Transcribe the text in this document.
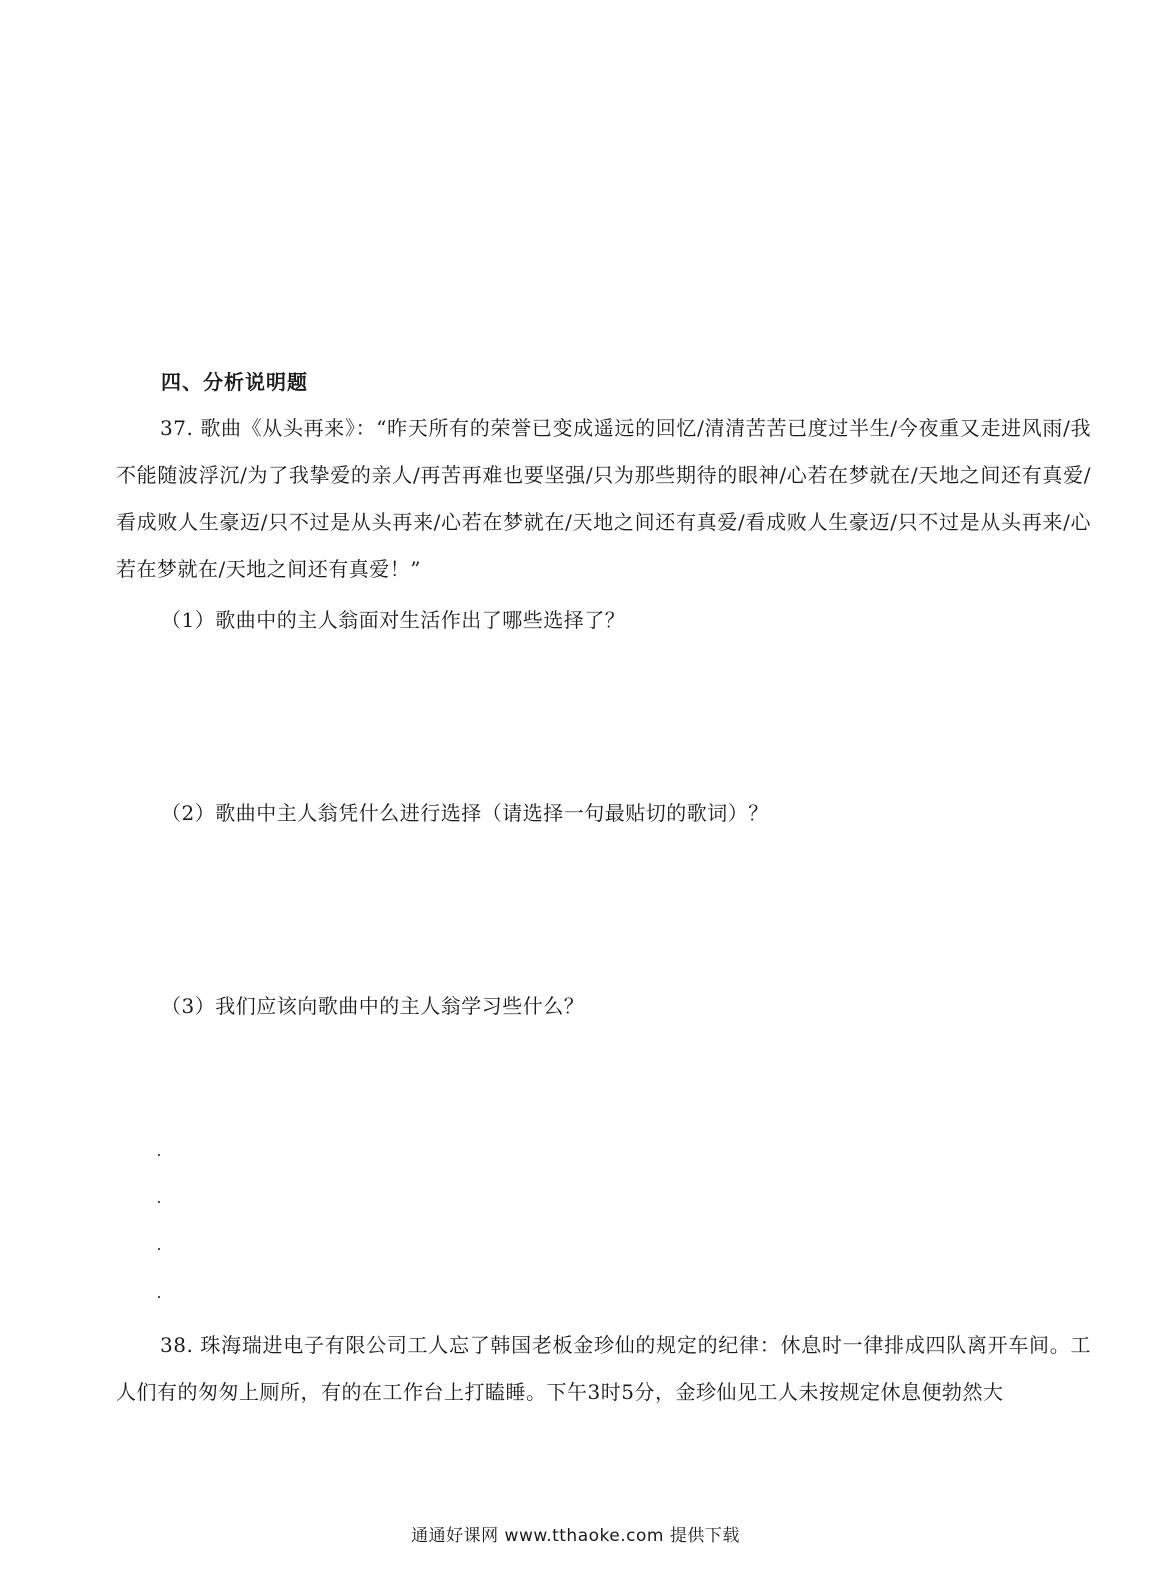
四、分析说明题
37. 歌曲《从头再来》：“昨天所有的荣誉已变成遥远的回忆/清清苦苦已度过半生/今夜重又走进风雨/我不能随波浮沉/为了我挚爱的亲人/再苦再难也要坚强/只为那些期待的眼神/心若在梦就在/天地之间还有真爱/看成败人生豪迈/只不过是从头再来/心若在梦就在/天地之间还有真爱/看成败人生豪迈/只不过是从头再来/心若在梦就在/天地之间还有真爱！”
（1）歌曲中的主人翁面对生活作出了哪些选择了？
（2）歌曲中主人翁凭什么进行选择（请选择一句最贴切的歌词）？
（3）我们应该向歌曲中的主人翁学习些什么？
38. 珠海瑞进电子有限公司工人忘了韩国老板金珍仙的规定的纪律：休息时一律排成四队离开车间。工人们有的匆匆上厕所，有的在工作台上打瞌睡。下午3时5分，金珍仙见工人未按规定休息便勃然大
通通好课网 www.tthaoke.com 提供下载
